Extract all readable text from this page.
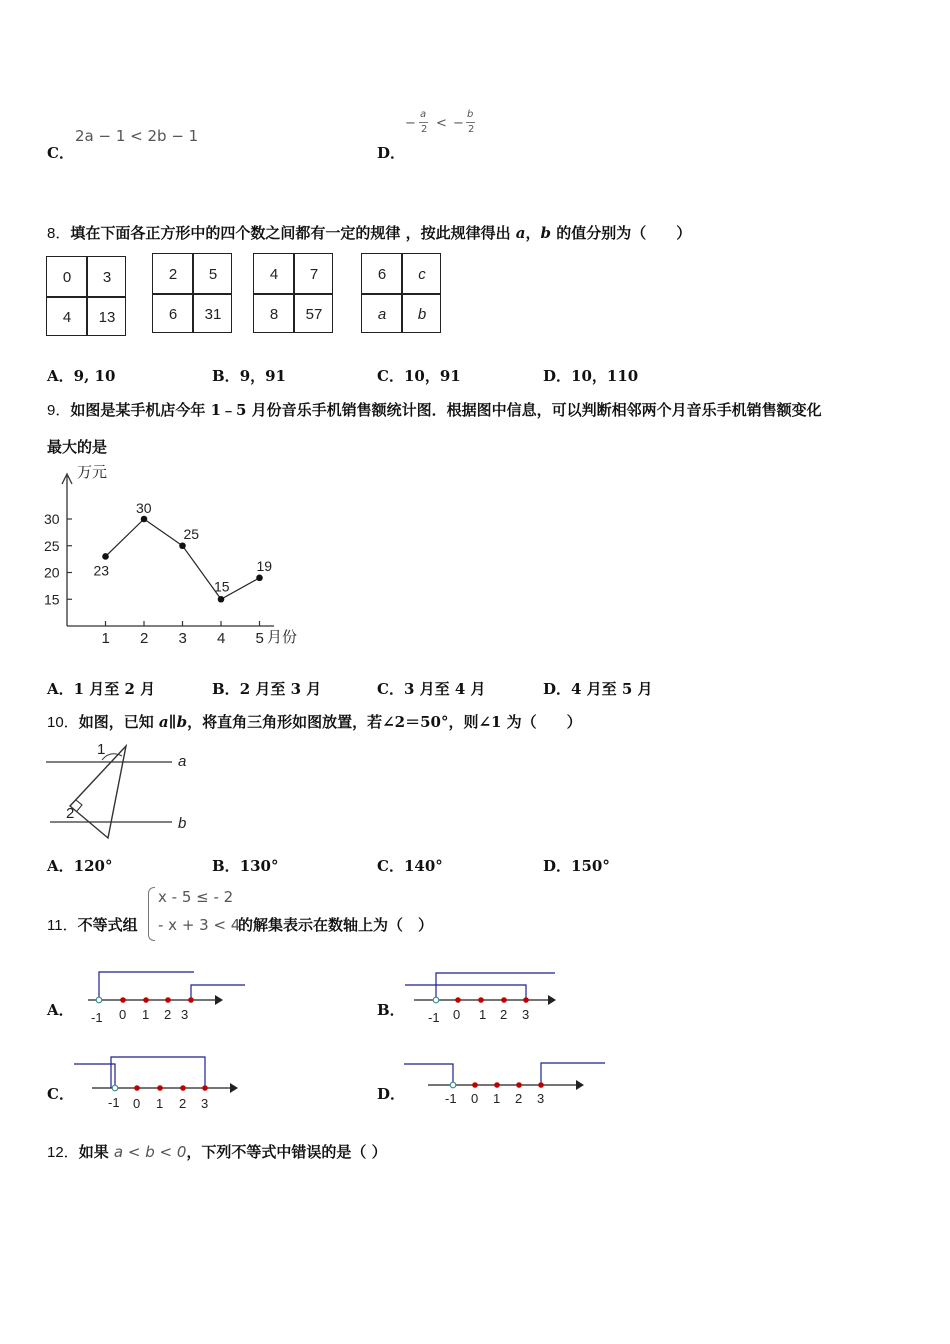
C．
2a − 1 < 2b − 1
D．
−
a
2 < −
b
2
8．填在下面各正方形中的四个数之间都有一定的规律 ，按此规律得出 a，b 的值分别为（　　）
0	3
4	13
2	5
6	31
4	7
8	57
6	c
a	b
A．9, 10	B．9，91	C．10，91	D．10，110
9．如图是某手机店今年 1﹣5 月份音乐手机销售额统计图．根据图中信息，可以判断相邻两个月音乐手机销售额变化
最大的是
万元
月份
15
20
25
30
1 2 3 4 5
23
30
25
15
19
A．1 月至 2 月	B．2 月至 3 月	C．3 月至 4 月	D．4 月至 5 月
10．如图，已知 a∥b，将直角三角形如图放置，若∠2＝50°，则∠1 为（　　）
1
2
a
b
A．120°	B．130°	C．140°	D．150°
11．不等式组
x - 5 ≤ - 2
- x + 3 < 4
的解集表示在数轴上为（　）
A． -1 0 1 2 3	B． -1 0 1 2 3
C．	-1 0 1 2 3
D．	-1 0 1 2 3
12．如果 a < b < 0，下列不等式中错误的是（ ）
